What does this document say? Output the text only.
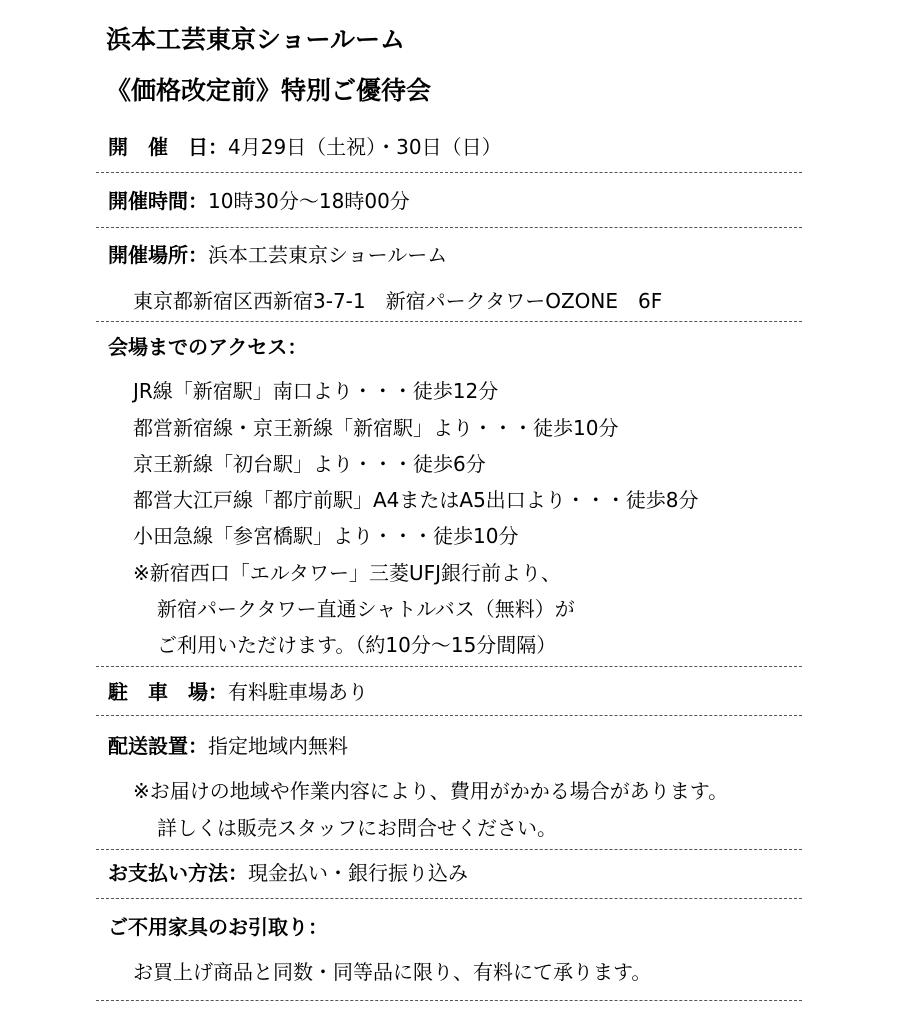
浜本工芸東京ショールーム
《価格改定前》特別ご優待会
開　催　日：4月29日（土祝）・30日（日）
開催時間：10時30分～18時00分
開催場所：浜本工芸東京ショールーム
東京都新宿区西新宿3-7-1　新宿パークタワーOZONE　6F
会場までのアクセス：
JR線「新宿駅」南口より・・・徒歩12分
都営新宿線・京王新線「新宿駅」より・・・徒歩10分
京王新線「初台駅」より・・・徒歩6分
都営大江戸線「都庁前駅」A4またはA5出口より・・・徒歩8分
小田急線「参宮橋駅」より・・・徒歩10分
※新宿西口「エルタワー」三菱UFJ銀行前より、
新宿パークタワー直通シャトルバス（無料）が
ご利用いただけます。（約10分～15分間隔）
駐　車　場：有料駐車場あり
配送設置：指定地域内無料
※お届けの地域や作業内容により、費用がかかる場合があります。
詳しくは販売スタッフにお問合せください。
お支払い方法：現金払い・銀行振り込み
ご不用家具のお引取り：
お買上げ商品と同数・同等品に限り、有料にて承ります。
